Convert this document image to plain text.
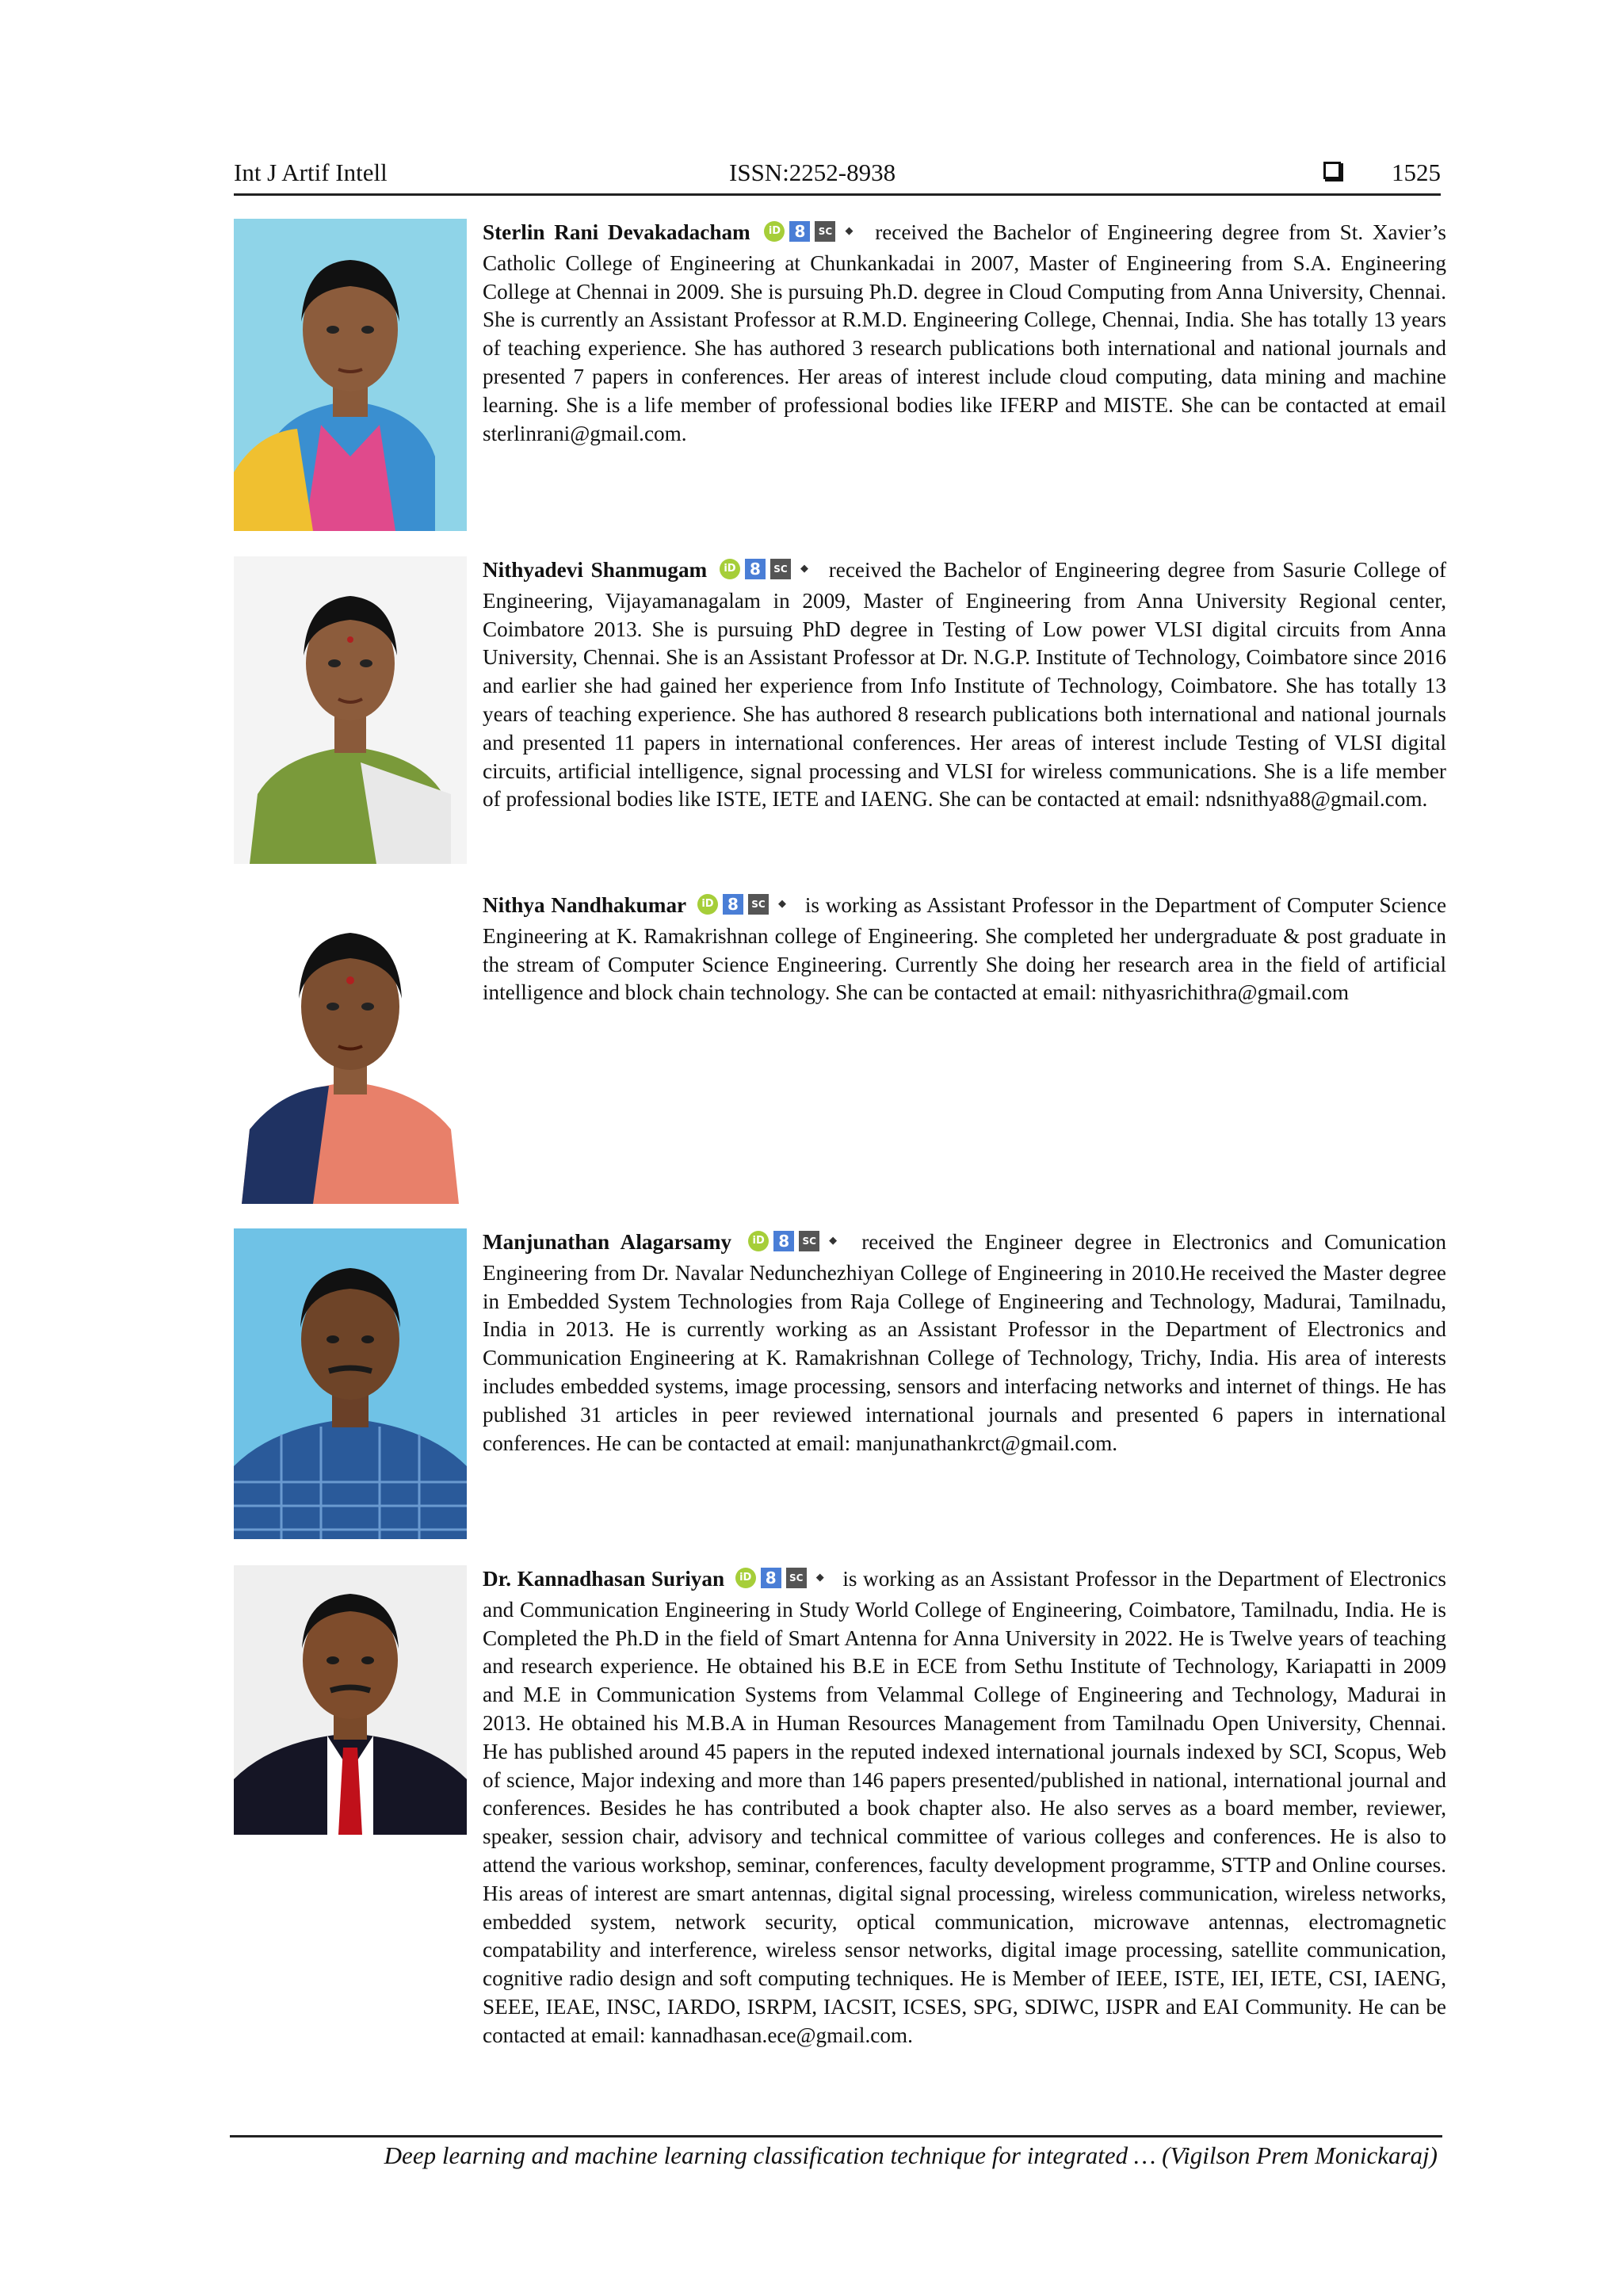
Int J Artif Intell	ISSN:2252-8938	1525
Sterlin Rani Devakadacham iD 8 SC ◆ received the Bachelor of Engineering degree from St. Xavier’s Catholic College of Engineering at Chunkankadai in 2007, Master of Engineering from S.A. Engineering College at Chennai in 2009. She is pursuing Ph.D. degree in Cloud Computing from Anna University, Chennai. She is currently an Assistant Professor at R.M.D. Engineering College, Chennai, India. She has totally 13 years of teaching experience. She has authored 3 research publications both international and national journals and presented 7 papers in conferences. Her areas of interest include cloud computing, data mining and machine learning. She is a life member of professional bodies like IFERP and MISTE. She can be contacted at email sterlinrani@gmail.com.
Nithyadevi Shanmugam iD 8 SC ◆ received the Bachelor of Engineering degree from Sasurie College of Engineering, Vijayamanagalam in 2009, Master of Engineering from Anna University Regional center, Coimbatore 2013. She is pursuing PhD degree in Testing of Low power VLSI digital circuits from Anna University, Chennai. She is an Assistant Professor at Dr. N.G.P. Institute of Technology, Coimbatore since 2016 and earlier she had gained her experience from Info Institute of Technology, Coimbatore. She has totally 13 years of teaching experience. She has authored 8 research publications both international and national journals and presented 11 papers in international conferences. Her areas of interest include Testing of VLSI digital circuits, artificial intelligence, signal processing and VLSI for wireless communications. She is a life member of professional bodies like ISTE, IETE and IAENG. She can be contacted at email: ndsnithya88@gmail.com.
Nithya Nandhakumar iD 8 SC ◆ is working as Assistant Professor in the Department of Computer Science Engineering at K. Ramakrishnan college of Engineering. She completed her undergraduate & post graduate in the stream of Computer Science Engineering. Currently She doing her research area in the field of artificial intelligence and block chain technology. She can be contacted at email: nithyasrichithra@gmail.com
Manjunathan Alagarsamy iD 8 SC ◆ received the Engineer degree in Electronics and Comunication Engineering from Dr. Navalar Nedunchezhiyan College of Engineering in 2010.He received the Master degree in Embedded System Technologies from Raja College of Engineering and Technology, Madurai, Tamilnadu, India in 2013. He is currently working as an Assistant Professor in the Department of Electronics and Communication Engineering at K. Ramakrishnan College of Technology, Trichy, India. His area of interests includes embedded systems, image processing, sensors and interfacing networks and internet of things. He has published 31 articles in peer reviewed international journals and presented 6 papers in international conferences. He can be contacted at email: manjunathankrct@gmail.com.
Dr. Kannadhasan Suriyan iD 8 SC ◆ is working as an Assistant Professor in the Department of Electronics and Communication Engineering in Study World College of Engineering, Coimbatore, Tamilnadu, India. He is Completed the Ph.D in the field of Smart Antenna for Anna University in 2022. He is Twelve years of teaching and research experience. He obtained his B.E in ECE from Sethu Institute of Technology, Kariapatti in 2009 and M.E in Communication Systems from Velammal College of Engineering and Technology, Madurai in 2013. He obtained his M.B.A in Human Resources Management from Tamilnadu Open University, Chennai. He has published around 45 papers in the reputed indexed international journals indexed by SCI, Scopus, Web of science, Major indexing and more than 146 papers presented/published in national, international journal and conferences. Besides he has contributed a book chapter also. He also serves as a board member, reviewer, speaker, session chair, advisory and technical committee of various colleges and conferences. He is also to attend the various workshop, seminar, conferences, faculty development programme, STTP and Online courses. His areas of interest are smart antennas, digital signal processing, wireless communication, wireless networks, embedded system, network security, optical communication, microwave antennas, electromagnetic compatability and interference, wireless sensor networks, digital image processing, satellite communication, cognitive radio design and soft computing techniques. He is Member of IEEE, ISTE, IEI, IETE, CSI, IAENG, SEEE, IEAE, INSC, IARDO, ISRPM, IACSIT, ICSES, SPG, SDIWC, IJSPR and EAI Community. He can be contacted at email: kannadhasan.ece@gmail.com.
Deep learning and machine learning classification technique for integrated … (Vigilson Prem Monickaraj)
